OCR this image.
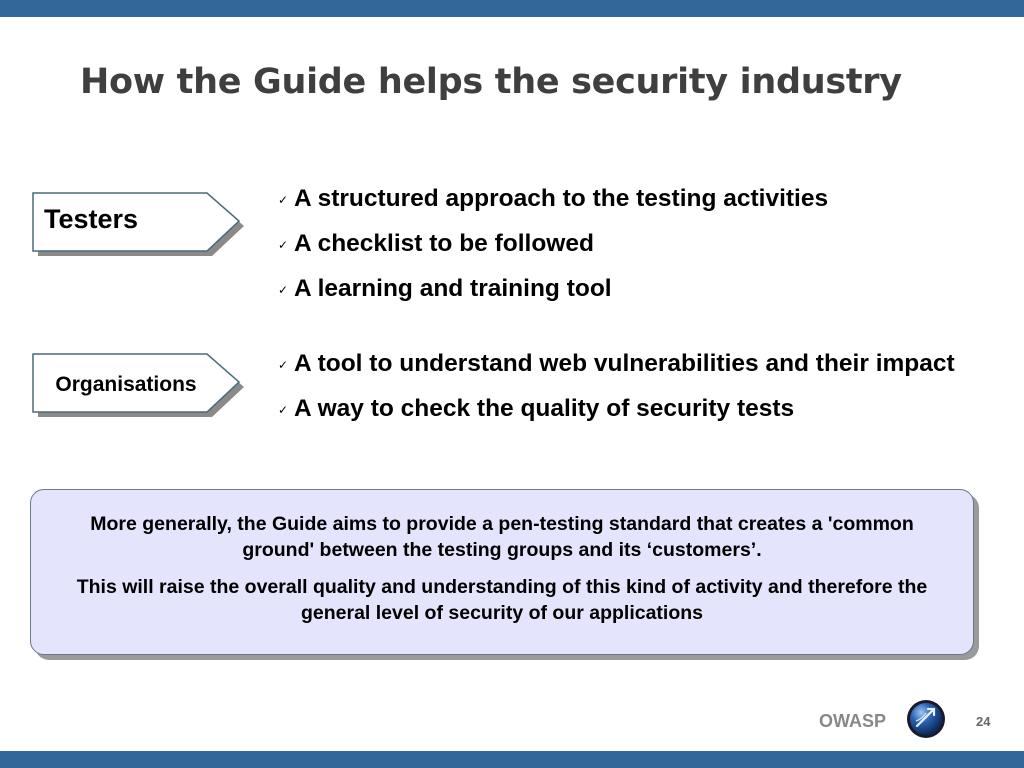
How the Guide helps the security industry
Testers
✓ A structured approach to the testing activities
✓ A checklist to be followed
✓ A learning and training tool
Organisations
✓ A tool to understand web vulnerabilities and their impact
✓ A way to check the quality of security tests

More generally, the Guide aims to provide a pen-testing standard that creates a 'common ground' between the testing groups and its ‘customers’.

This will raise the overall quality and understanding of this kind of activity and therefore the general level of security of our applications

OWASP	24
